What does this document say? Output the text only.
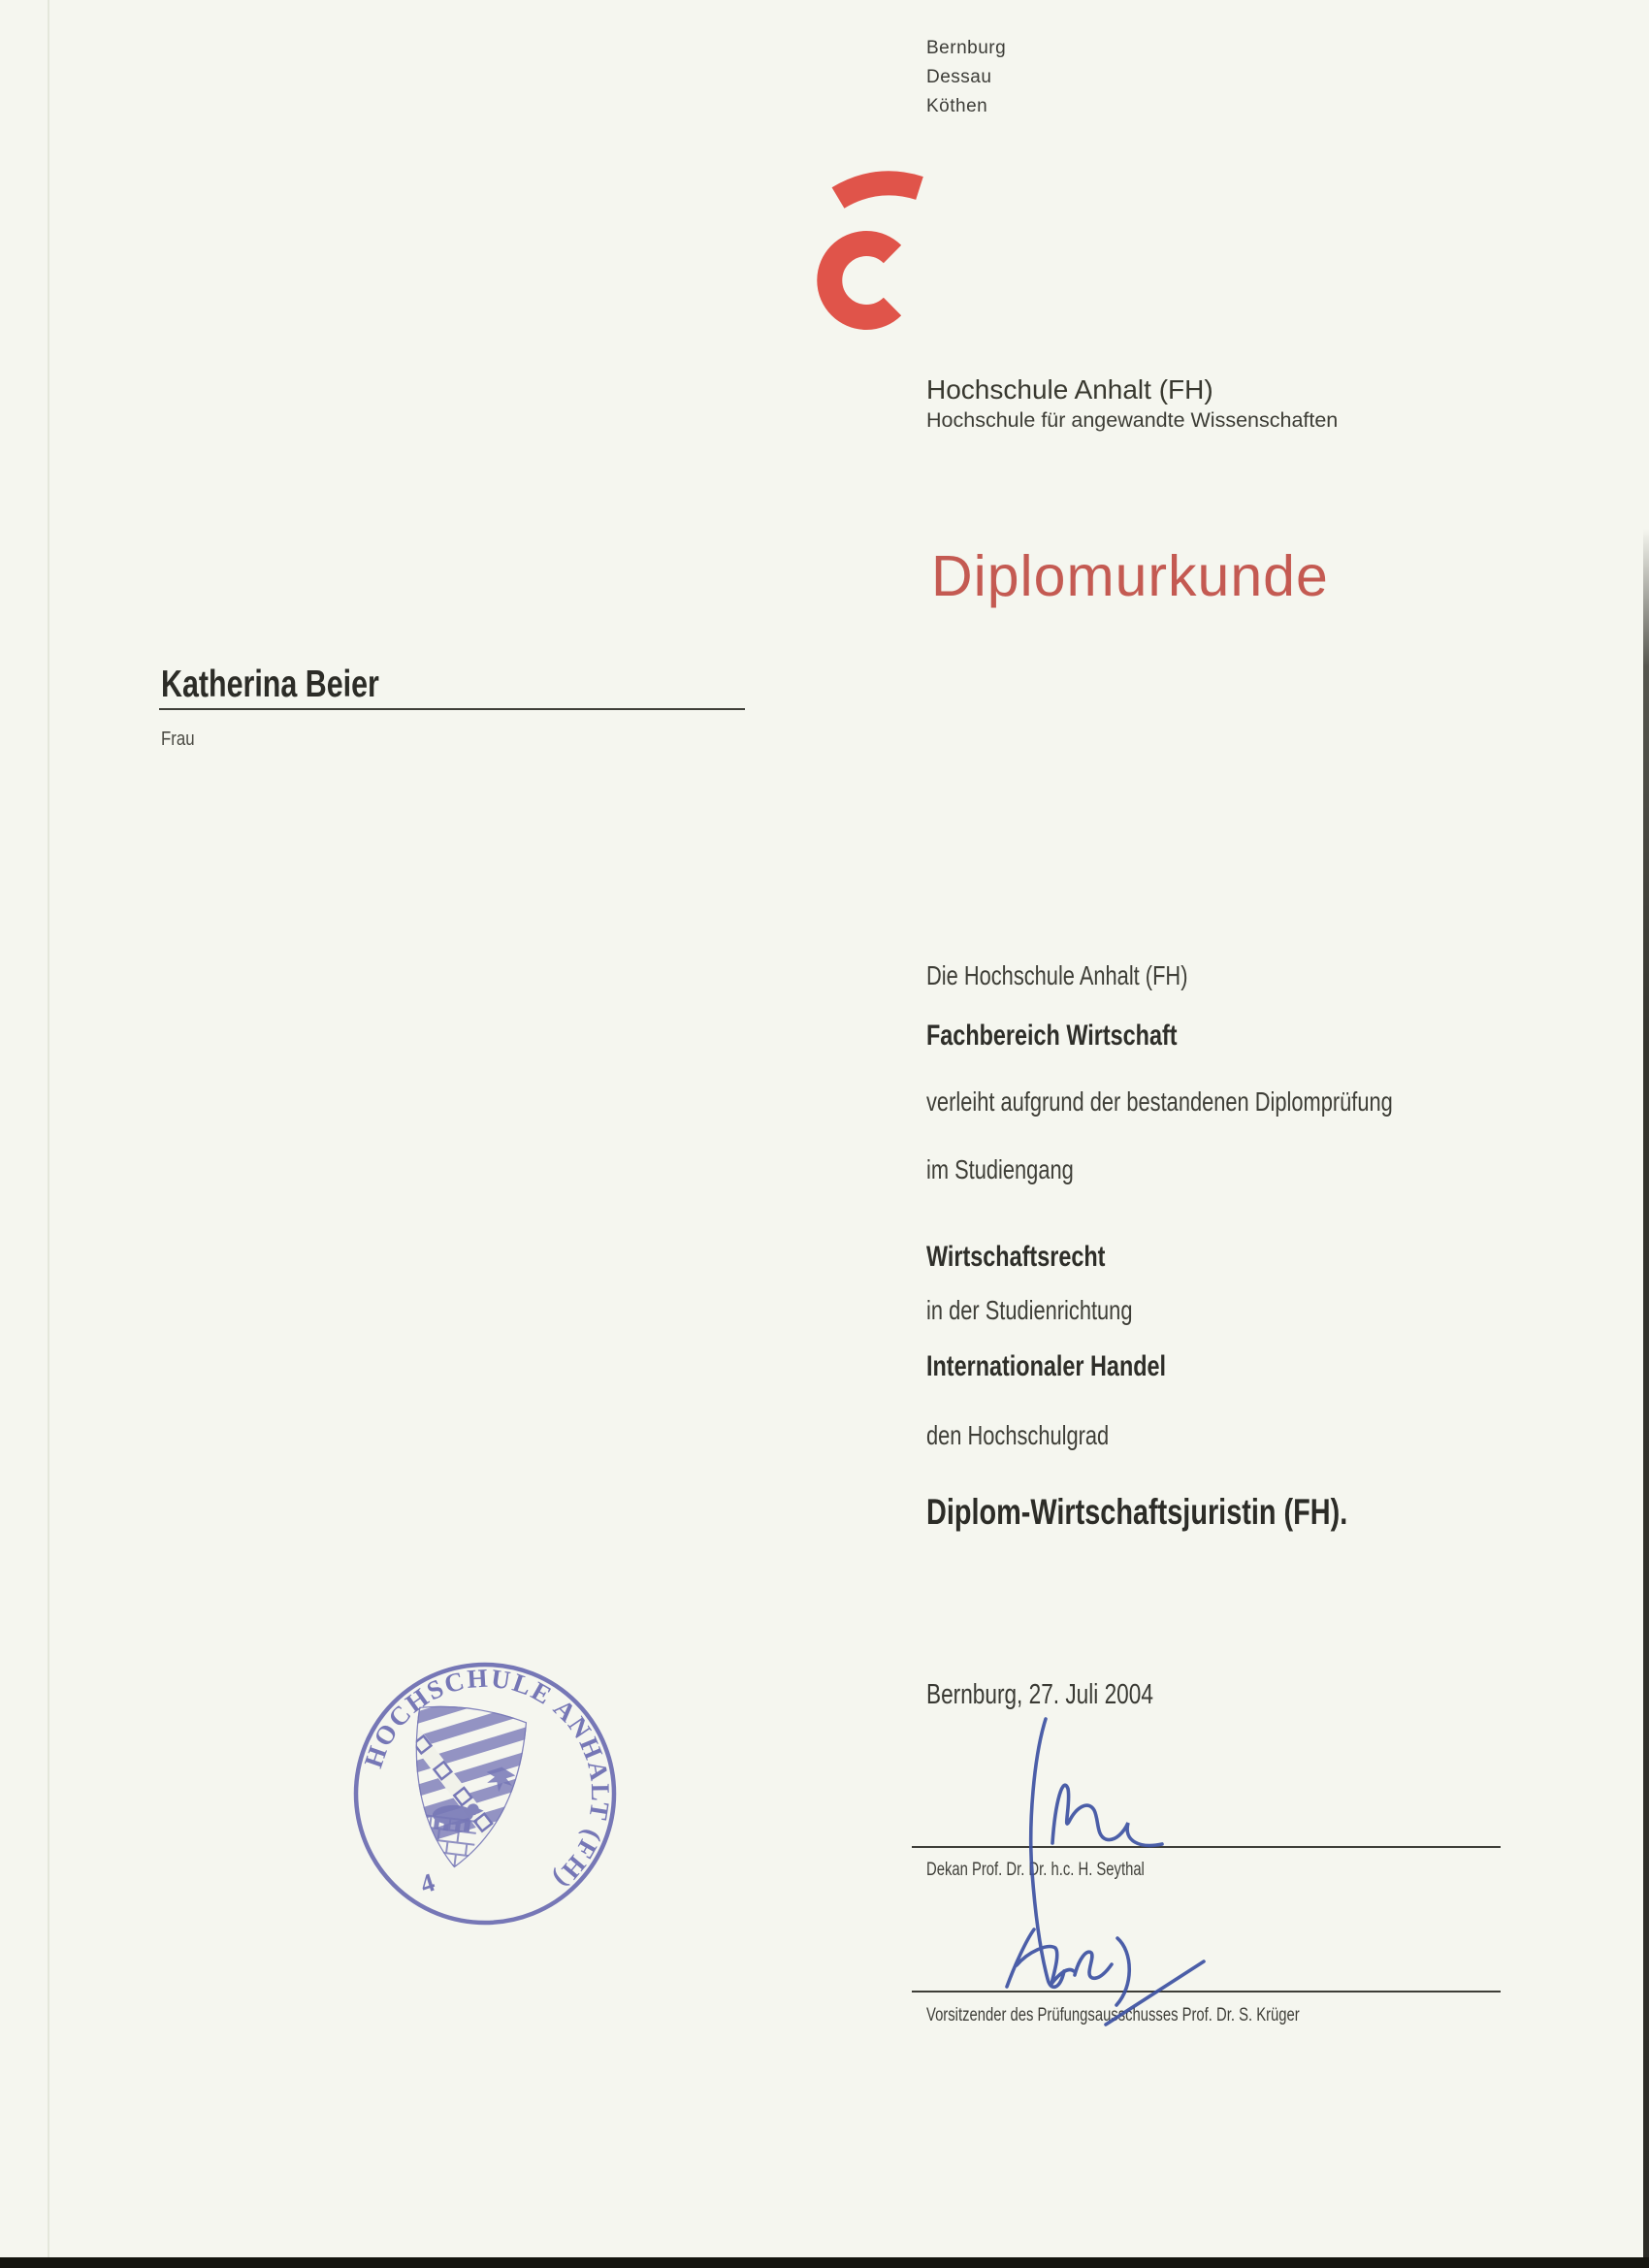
Bernburg
Dessau
Köthen
Hochschule Anhalt (FH)
Hochschule für angewandte Wissenschaften
Diplomurkunde
Katherina Beier
Frau
Die Hochschule Anhalt (FH)
Fachbereich Wirtschaft
verleiht aufgrund der bestandenen Diplomprüfung
im Studiengang
Wirtschaftsrecht
in der Studienrichtung
Internationaler Handel
den Hochschulgrad
Diplom-Wirtschaftsjuristin (FH).
Bernburg, 27. Juli 2004
HOCHSCHULE ANHALT (FH)
4	Dekan Prof. Dr. Dr. h.c. H. Seythal
Vorsitzender des Prüfungsausschusses Prof. Dr. S. Krüger
